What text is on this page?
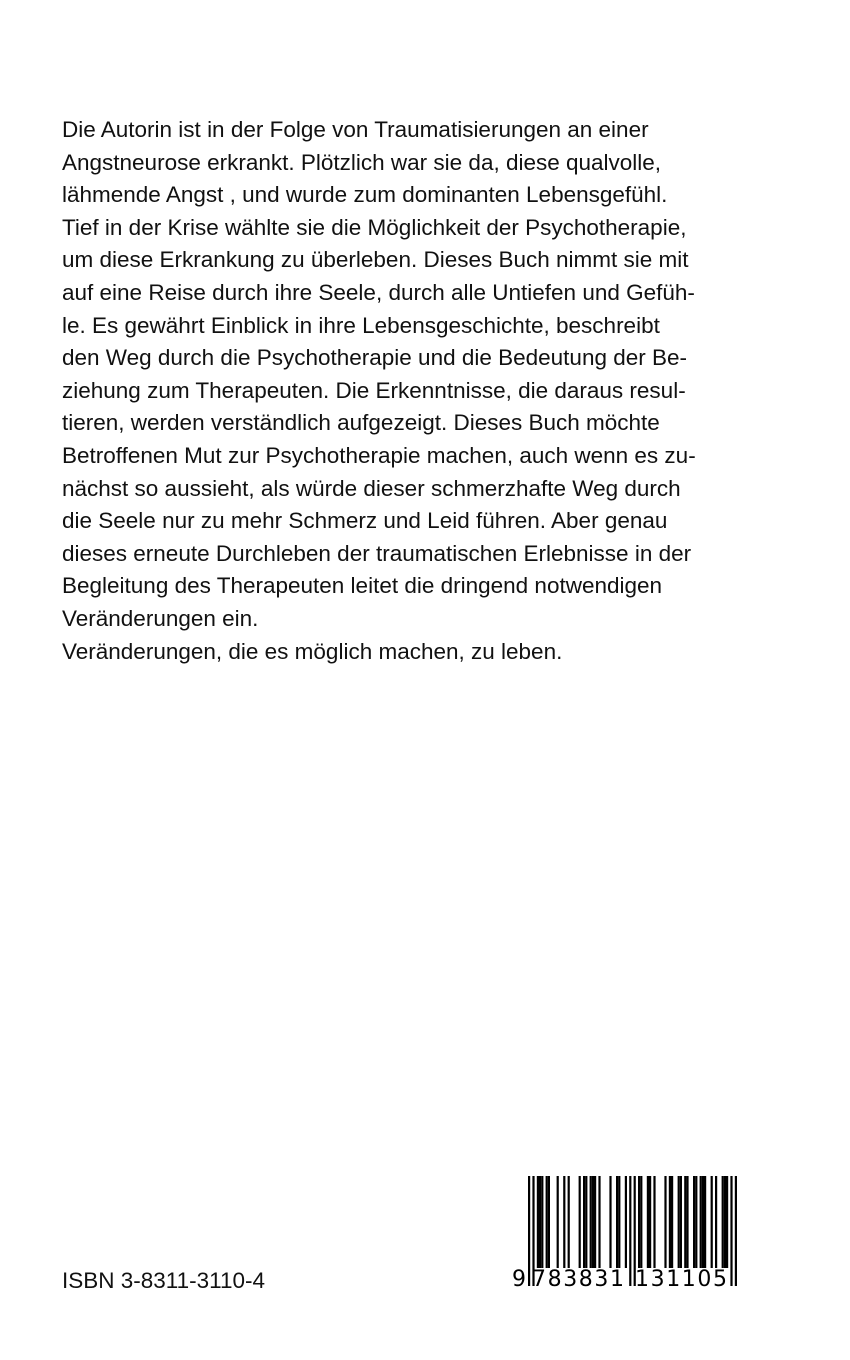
Die Autorin ist in der Folge von Traumatisierungen an einer
Angstneurose erkrankt. Plötzlich war sie da, diese qualvolle,
lähmende Angst , und wurde zum dominanten Lebensgefühl.
Tief in der Krise wählte sie die Möglichkeit der Psychotherapie,
um diese Erkrankung zu überleben. Dieses Buch nimmt sie mit
auf eine Reise durch ihre Seele, durch alle Untiefen und Gefüh-
le. Es gewährt Einblick in ihre Lebensgeschichte, beschreibt
den Weg durch die Psychotherapie und die Bedeutung der Be-
ziehung zum Therapeuten. Die Erkenntnisse, die daraus resul-
tieren, werden verständlich aufgezeigt. Dieses Buch möchte
Betroffenen Mut zur Psychotherapie machen, auch wenn es zu-
nächst so aussieht, als würde dieser schmerzhafte Weg durch
die Seele nur zu mehr Schmerz und Leid führen. Aber genau
dieses erneute Durchleben der traumatischen Erlebnisse in der
Begleitung des Therapeuten leitet die dringend notwendigen
Veränderungen ein.
Veränderungen, die es möglich machen, zu leben.
ISBN 3-8311-3110-4	9 783831 131105
